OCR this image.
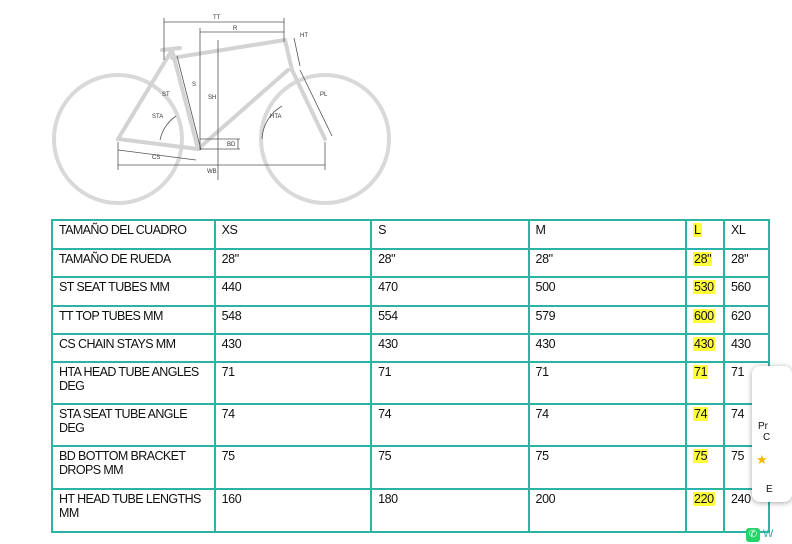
TT
R
HT
ST
S
SH	PL
STA	HTA
BD
CS
WB
TAMAÑO DEL CUADRO	XS	S	M	L	XL
TAMAÑO DE RUEDA	28"	28"	28"	28"	28"
ST SEAT TUBES MM	440	470	500	530	560
TT TOP TUBES MM	548	554	579	600	620
CS CHAIN STAYS MM	430	430	430	430	430
HTA HEAD TUBE ANGLES DEG	71	71	71	71	71
STA SEAT TUBE ANGLE DEG	74	74	74	74	74
BD BOTTOM BRACKET DROPS MM	75	75	75	75	75
HT HEAD TUBE LENGTHS MM	160	180	200	220	240
Pr
C
★
E
✆ W
